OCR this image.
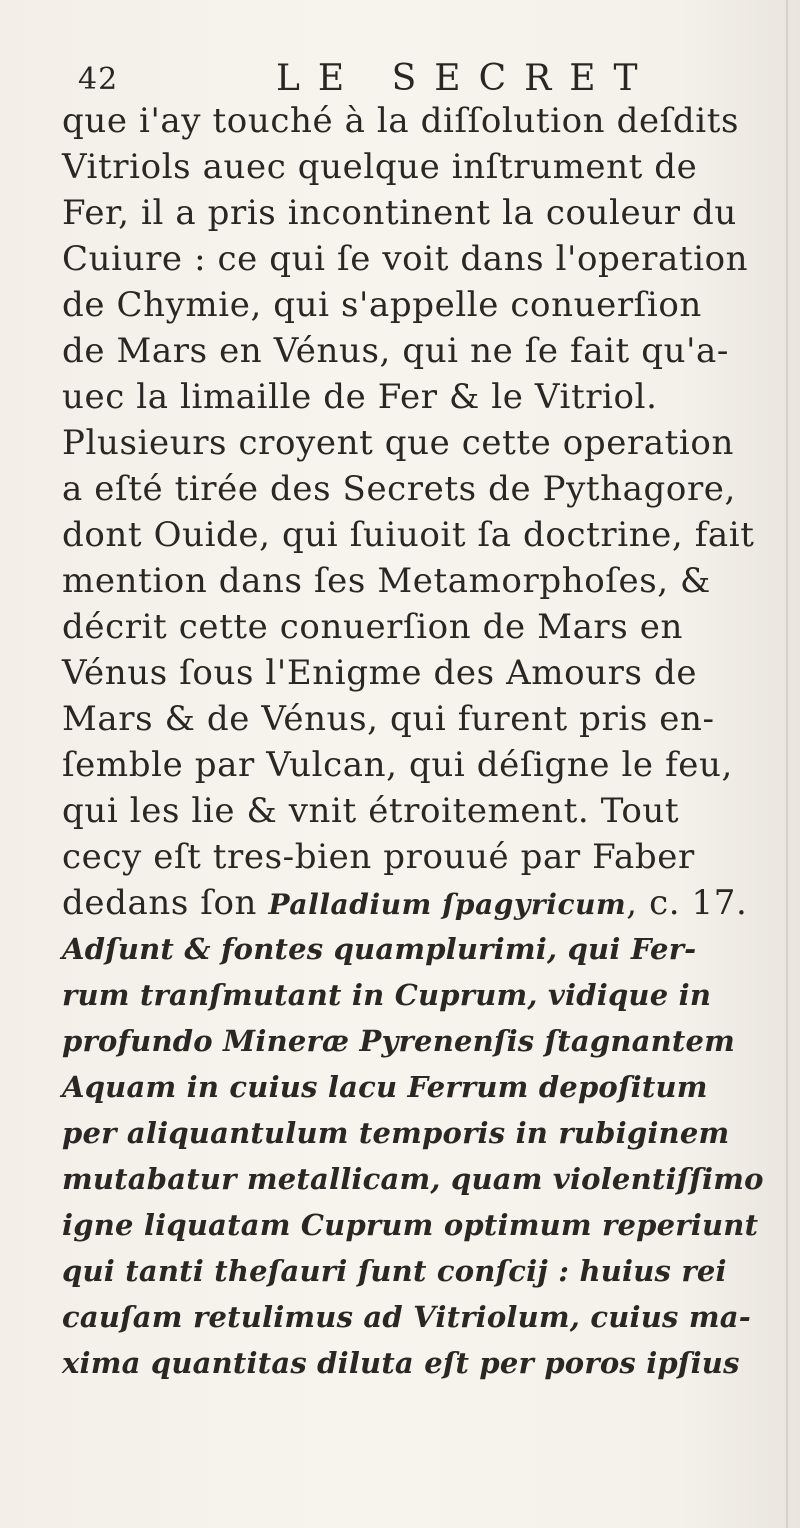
42	LE SECRET
que i'ay touché à la diſſolution deſdits
Vitriols auec quelque inſtrument de
Fer, il a pris incontinent la couleur du
Cuiure : ce qui ſe voit dans l'operation
de Chymie, qui s'appelle conuerſion
de Mars en Vénus, qui ne ſe fait qu'a-
uec la limaille de Fer & le Vitriol.
Plusieurs croyent que cette operation
a eſté tirée des Secrets de Pythagore,
dont Ouide, qui ſuiuoit ſa doctrine, fait
mention dans ſes Metamorphoſes, &
décrit cette conuerſion de Mars en
Vénus ſous l'Enigme des Amours de
Mars & de Vénus, qui furent pris en-
ſemble par Vulcan, qui déſigne le feu,
qui les lie & vnit étroitement. Tout
cecy eſt tres-bien prouué par Faber
dedans ſon Palladium ſpagyricum, c. 17.
Adſunt & fontes quamplurimi, qui Fer-
rum tranſmutant in Cuprum, vidique in
profundo Mineræ Pyrenenſis ſtagnantem
Aquam in cuius lacu Ferrum depoſitum
per aliquantulum temporis in rubiginem
mutabatur metallicam, quam violentiſſimo
igne liquatam Cuprum optimum reperiunt
qui tanti theſauri ſunt conſcij : huius rei
cauſam retulimus ad Vitriolum, cuius ma-
xima quantitas diluta eſt per poros ipſius
